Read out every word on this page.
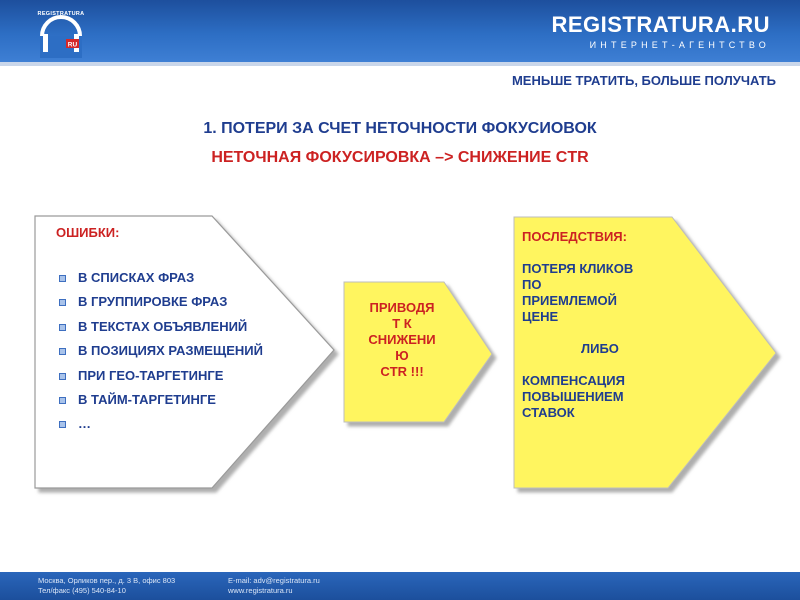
RU
REGISTRATURA	REGISTRATURA.RU
ИНТЕРНЕТ-АГЕНТСТВО
МЕНЬШЕ ТРАТИТЬ, БОЛЬШЕ ПОЛУЧАТЬ
1. ПОТЕРИ ЗА СЧЕТ НЕТОЧНОСТИ ФОКУСИОВОК
НЕТОЧНАЯ ФОКУСИРОВКА –> СНИЖЕНИЕ CTR
ОШИБКИ:
В СПИСКАХ ФРАЗ
В ГРУППИРОВКЕ ФРАЗ
В ТЕКСТАХ ОБЪЯВЛЕНИЙ
В ПОЗИЦИЯХ РАЗМЕЩЕНИЙ
ПРИ ГЕО-ТАРГЕТИНГЕ
В ТАЙМ-ТАРГЕТИНГЕ
…
ПРИВОДЯ
Т К
СНИЖЕНИ
Ю
CTR !!!
ПОСЛЕДСТВИЯ:
ПОТЕРЯ КЛИКОВ
ПО
ПРИЕМЛЕМОЙ
ЦЕНЕ
ЛИБО
КОМПЕНСАЦИЯ
ПОВЫШЕНИЕМ
СТАВОК
Москва, Орликов пер., д. 3 В, офис 803
Тел/факс (495) 540-84-10
E-mail: adv@registratura.ru
www.registratura.ru
